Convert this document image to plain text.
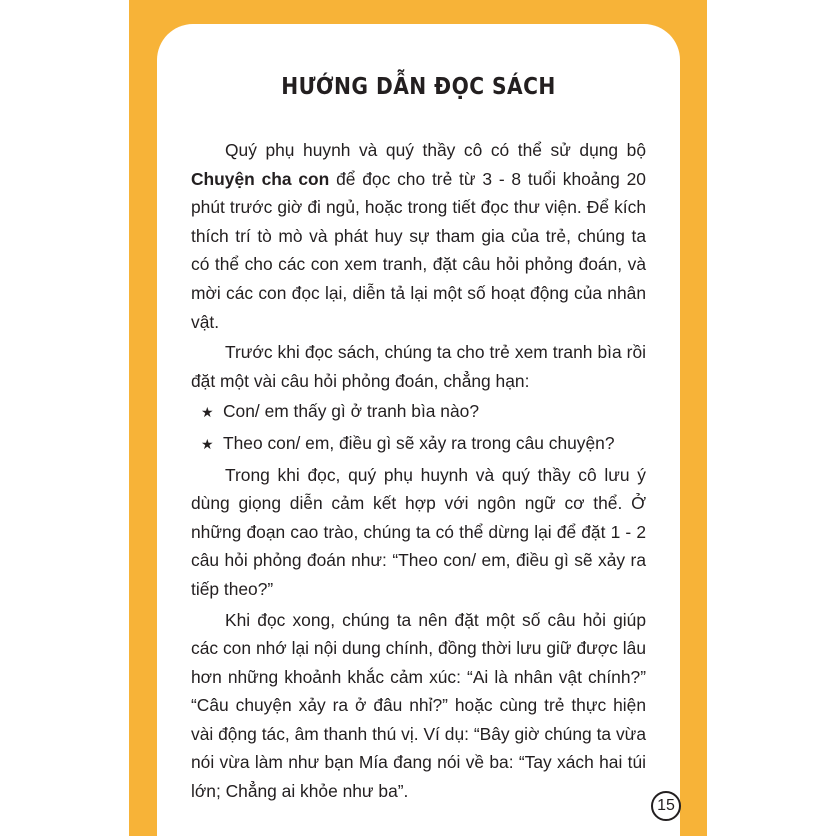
HƯỚNG DẪN ĐỌC SÁCH

Quý phụ huynh và quý thầy cô có thể sử dụng bộ Chuyện cha con để đọc cho trẻ từ 3 - 8 tuổi khoảng 20 phút trước giờ đi ngủ, hoặc trong tiết đọc thư viện. Để kích thích trí tò mò và phát huy sự tham gia của trẻ, chúng ta có thể cho các con xem tranh, đặt câu hỏi phỏng đoán, và mời các con đọc lại, diễn tả lại một số hoạt động của nhân vật.

Trước khi đọc sách, chúng ta cho trẻ xem tranh bìa rồi đặt một vài câu hỏi phỏng đoán, chẳng hạn:

★ Con/ em thấy gì ở tranh bìa nào?
★ Theo con/ em, điều gì sẽ xảy ra trong câu chuyện?

Trong khi đọc, quý phụ huynh và quý thầy cô lưu ý dùng giọng diễn cảm kết hợp với ngôn ngữ cơ thể. Ở những đoạn cao trào, chúng ta có thể dừng lại để đặt 1 - 2 câu hỏi phỏng đoán như: “Theo con/ em, điều gì sẽ xảy ra tiếp theo?”

Khi đọc xong, chúng ta nên đặt một số câu hỏi giúp các con nhớ lại nội dung chính, đồng thời lưu giữ được lâu hơn những khoảnh khắc cảm xúc: “Ai là nhân vật chính?” “Câu chuyện xảy ra ở đâu nhỉ?” hoặc cùng trẻ thực hiện vài động tác, âm thanh thú vị. Ví dụ: “Bây giờ chúng ta vừa nói vừa làm như bạn Mía đang nói về ba: “Tay xách hai túi lớn; Chẳng ai khỏe như ba”.

15
